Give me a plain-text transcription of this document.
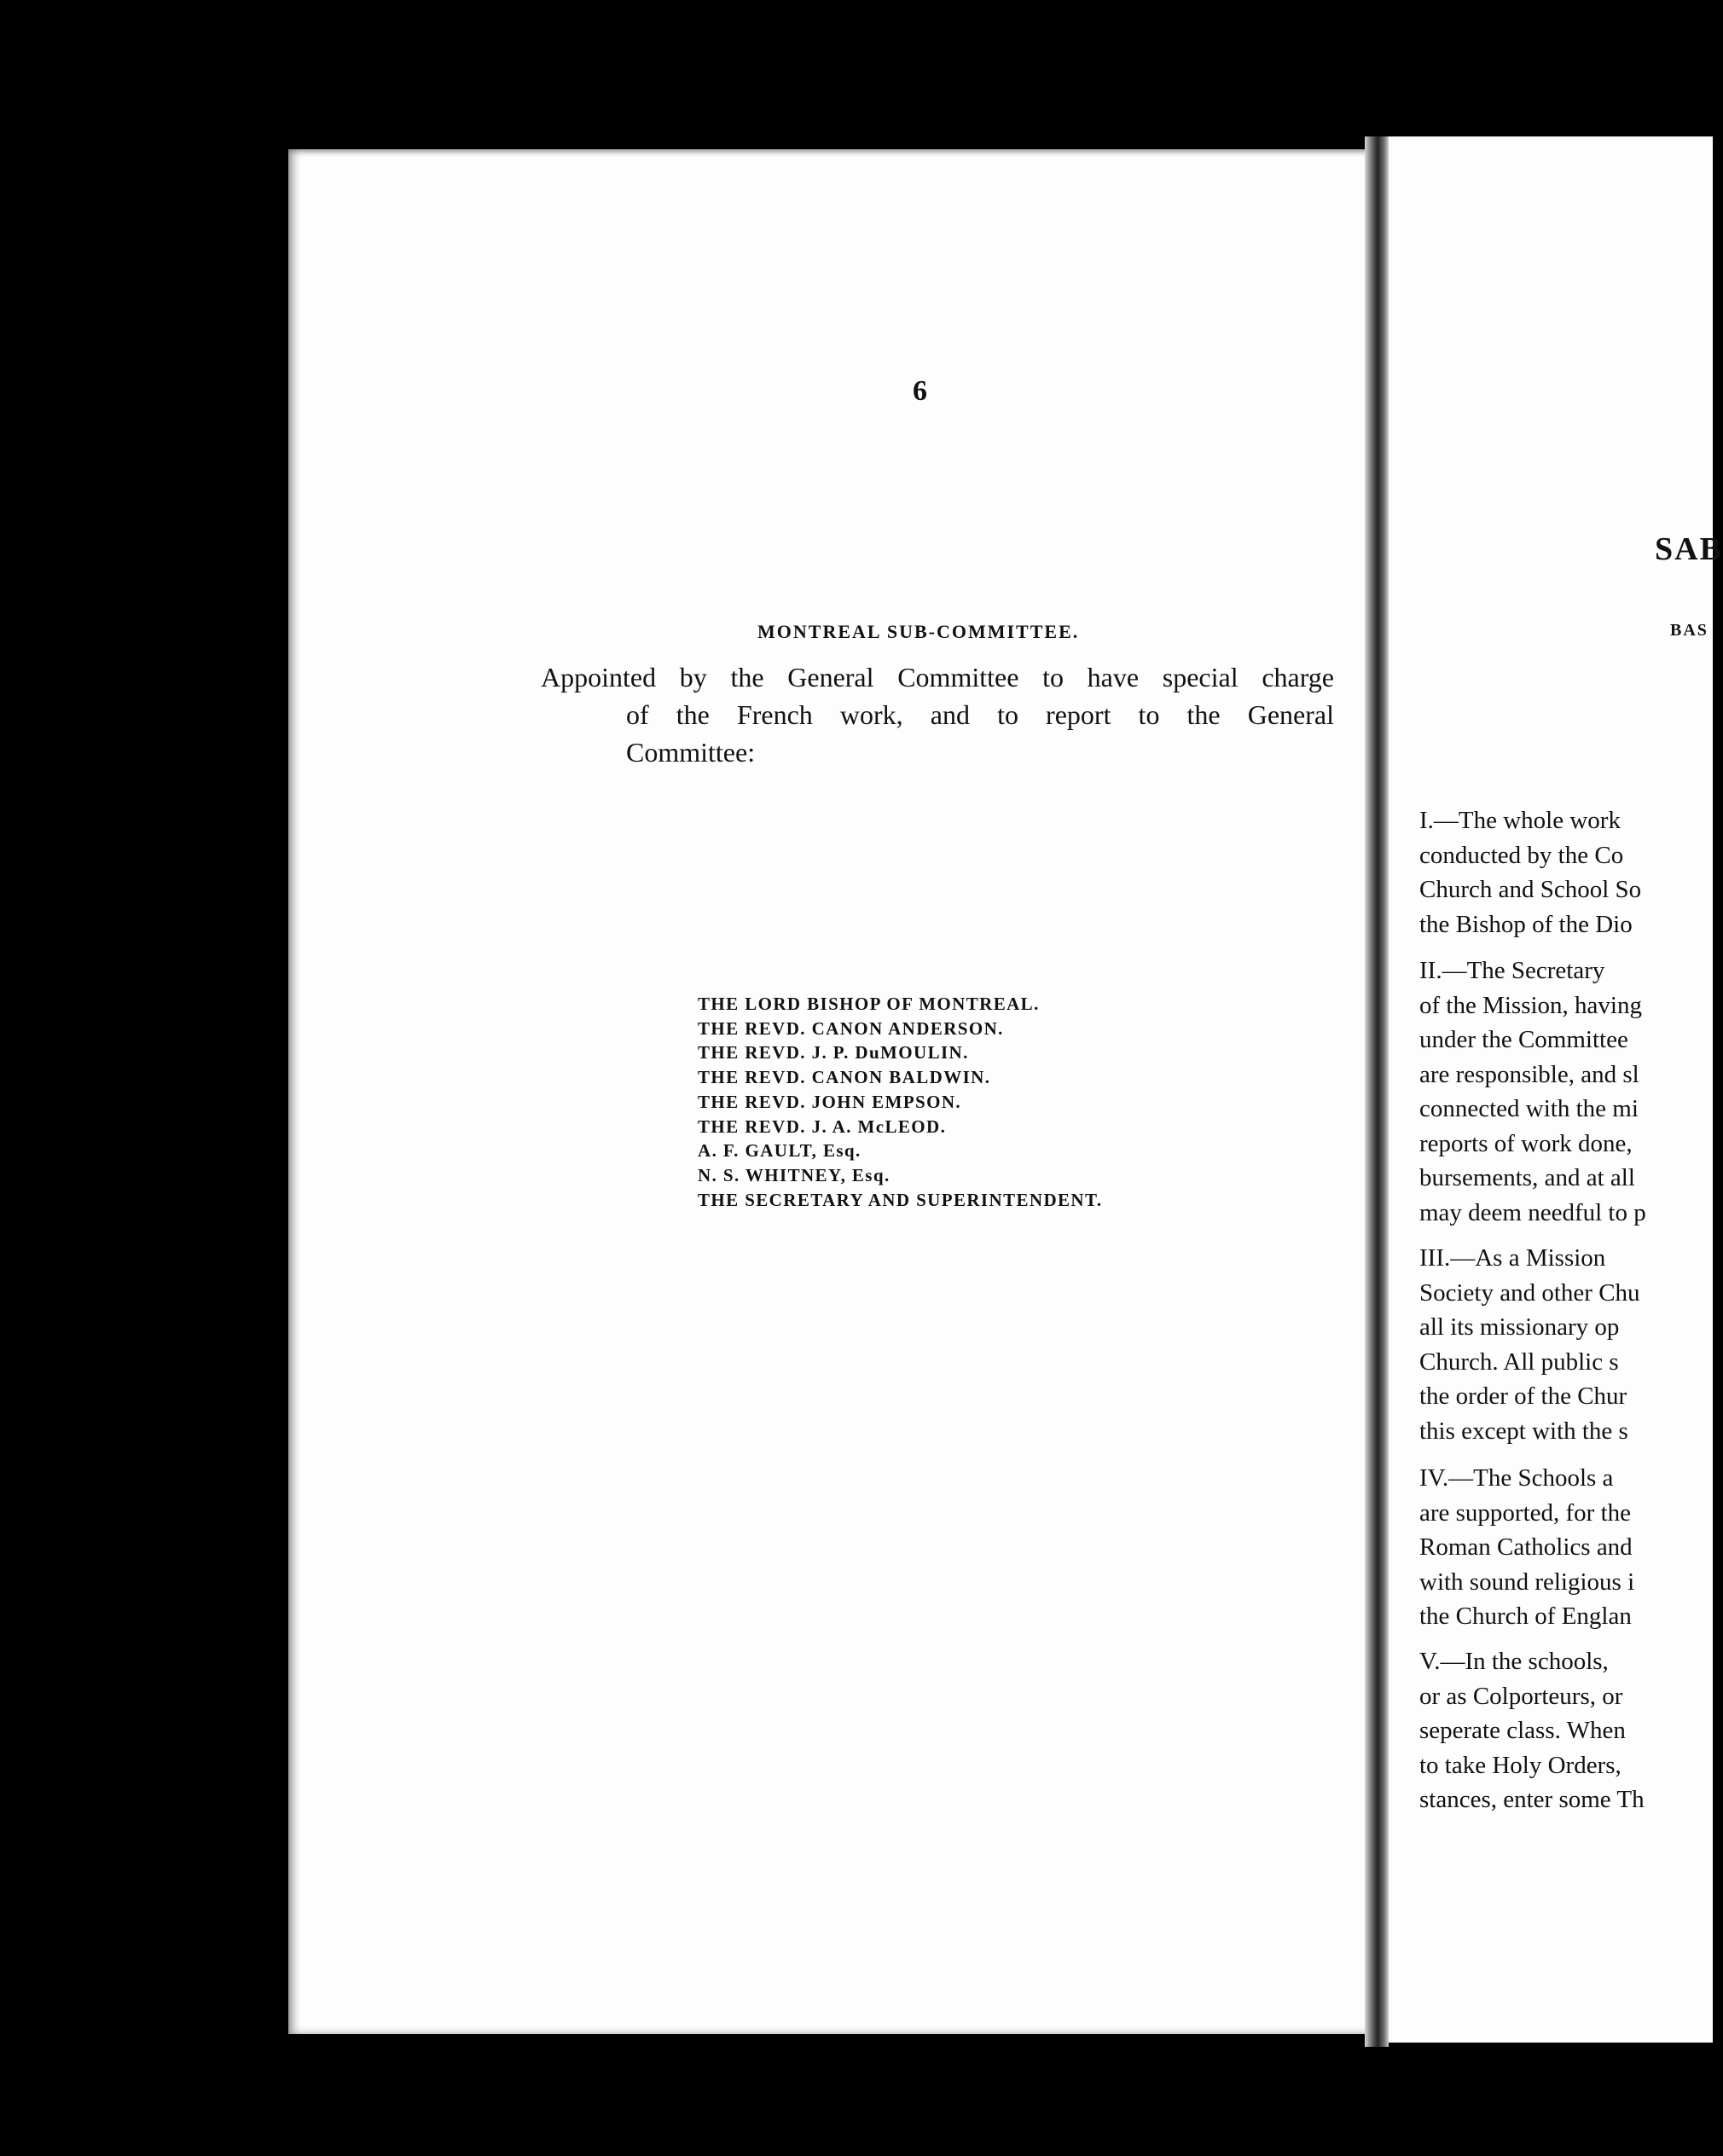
SAB
BAS
I.—The whole work
conducted by the Co
Church and School So
the Bishop of the Dio
II.—The Secretary
of the Mission, having
under the Committee
are responsible, and sl
connected with the mi
reports of work done,
bursements, and at all
may deem needful to p
III.—As a Mission
Society and other Chu
all its missionary op
Church. All public s
the order of the Chur
this except with the s
IV.—The Schools a
are supported, for the
Roman Catholics and
with sound religious i
the Church of Englan
V.—In the schools,
or as Colporteurs, or
seperate class. When
to take Holy Orders,
stances, enter some Th
6
MONTREAL SUB-COMMITTEE.
Appointed by the General Committee to have special charge
of the French work, and to report to the General
Committee:
THE LORD BISHOP OF MONTREAL.
THE REVD. CANON ANDERSON.
THE REVD. J. P. DuMOULIN.
THE REVD. CANON BALDWIN.
THE REVD. JOHN EMPSON.
THE REVD. J. A. McLEOD.
A. F. GAULT, Esq.
N. S. WHITNEY, Esq.
THE SECRETARY AND SUPERINTENDENT.
